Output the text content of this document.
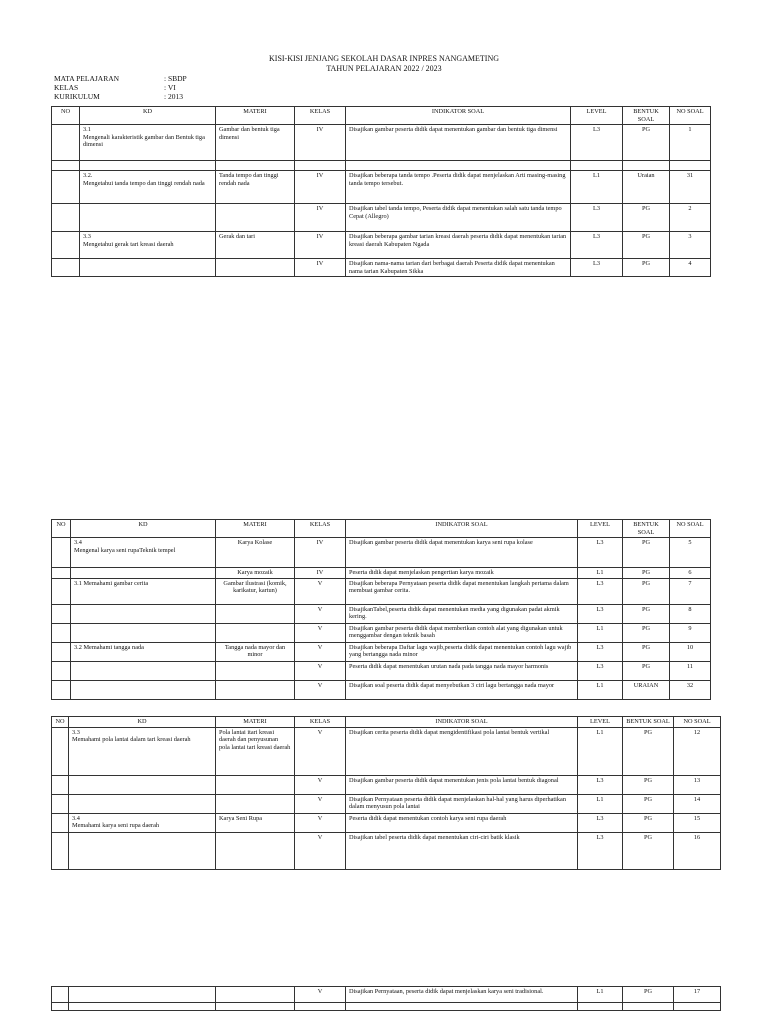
KISI-KISI JENJANG SEKOLAH DASAR INPRES NANGAMETING
TAHUN PELAJARAN 2022 / 2023
MATA PELAJARAN	: SBDP
KELAS	: VI
KURIKULUM	: 2013
NO	KD	MATERI	KELAS	INDIKATOR SOAL	LEVEL	BENTUK SOAL	NO SOAL
	3.1
Mengenali karakteristik gambar dan Bentuk tiga dimensi	Gambar dan bentuk tiga dimensi	IV	Disajikan gambar peserta didik dapat menentukan gambar dan bentuk tiga dimensi	L3	PG	1

	3.2.
Mengetahui tanda tempo dan tinggi rendah nada	Tanda tempo dan tinggi rendah nada	IV	Disajikan beberapa tanda tempo .Peserta didik dapat menjelaskan Arti masing-masing tanda tempo tersebut.	L1	Uraian	31
			IV	Disajikan tabel tanda tempo, Peserta didik dapat menentukan salah satu tanda tempo Cepat (Allegro)	L3	PG	2
	3.3
Mengetahui gerak tari kreasi daerah	Gerak dan tari	IV	Disajikan beberapa gambar tarian kreasi daerah peserta didik dapat menentukan tarian kreasi daerah Kabupaten Ngada	L3	PG	3
			IV	Disajikan nama-nama tarian dari berbagai daerah Peserta didik dapat menentukan nama tarian Kabupaten Sikka	L3	PG	4
NO	KD	MATERI	KELAS	INDIKATOR SOAL	LEVEL	BENTUK SOAL	NO SOAL
	3.4
Mengenal karya seni rupaTeknik tempel	Karya Kolase	IV	Disajikan gambar peserta didik dapat menentukan karya seni rupa kolase	L3	PG	5
		Karya mozaik	IV	Peserta didik dapat menjelaskan pengertian karya mozaik	L1	PG	6
	3.1 Memahami gambar cerita	Gambar ilustrasi (komik, karikatur, kartun)	V	Disajikan beberapa Pernyataan peserta didik dapat menentukan langkah pertama dalam membuat gambar cerita.	L3	PG	7
			V	DisajikanTabel,peserta didik dapat menentukan media yang digunakan padat akmik kering.	L3	PG	8
			V	Disajikan gambar peserta didik dapat memberikan contoh alat yang digunakan untuk menggambar dengan teknik basah	L1	PG	9
	3.2 Memahami tangga nada	Tangga nada mayor dan minor	V	Disajikan beberapa Daftar lagu wajib,peserta didik dapat menentukan contoh lagu wajib yang bertangga nada minor	L3	PG	10
			V	Peserta didik dapat menentukan urutan nada pada tangga nada mayor harmonis	L3	PG	11
			V	Disajikan soal peserta didik dapat menyebutkan 3 ciri lagu bertangga nada mayor	L1	URAIAN	32
NO	KD	MATERI	KELAS	INDIKATOR SOAL	LEVEL	BENTUK SOAL	NO SOAL
	3.3
Memahami pola lantai dalam tari kreasi daerah	Pola lantai itari kreasi daerah dan penyusunan
pola lantai tari kreasi daerah	V	Disajikan cerita peserta didik dapat mengidentifikasi pola lantai bentuk vertikal	L1	PG	12
			V	Disajikan gambar peserta didik dapat menentukan jenis pola lantai bentuk diagonal	L3	PG	13
			V	Disajikan Pernyataan peserta didik dapat menjelaskan hal-hal yang harus diperhatikan dalam menyusun pola lantai	L1	PG	14
	3.4
Memahami karya seni rupa daerah	Karya Seni Rupa	V	Peserta didik dapat menentukan contoh karya seni rupa daerah	L3	PG	15
			V	Disajikan tabel peserta didik dapat menentukan ciri-ciri batik klasik	L3	PG	16
			V	Disajikan Pernyataan, peserta didik dapat menjelaskan karya seni tradisional.	L1	PG	17
